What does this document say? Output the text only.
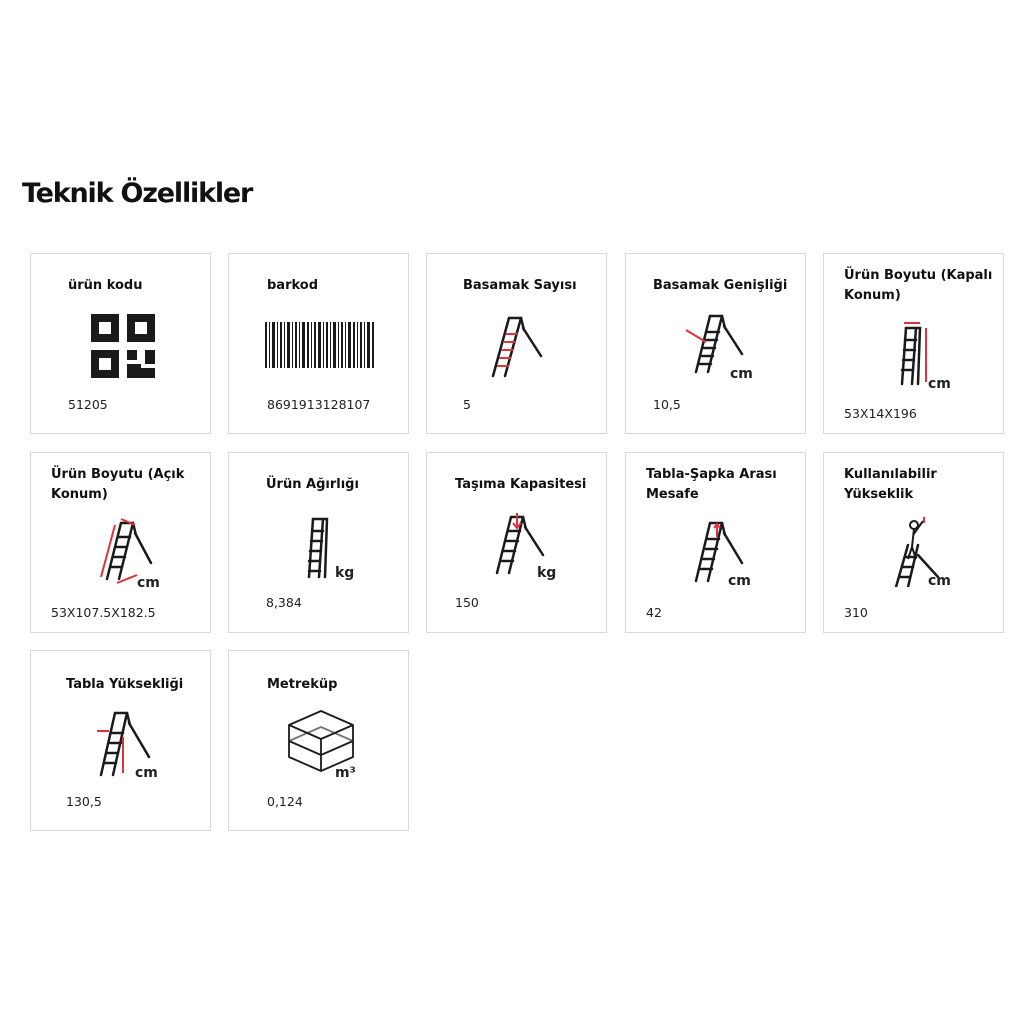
Teknik Özellikler
ürün kodu
51205
barkod
8691913128107
Basamak Sayısı
5
Basamak Genişliği
cm
10,5
Ürün Boyutu (Kapalı
Konum)
cm
53X14X196
Ürün Boyutu (Açık
Konum)
cm
53X107.5X182.5
Ürün Ağırlığı
kg
8,384
Taşıma Kapasitesi
kg
150
Tabla-Şapka Arası
Mesafe
cm
42
Kullanılabilir
Yükseklik
cm
310
Tabla Yüksekliği
cm
130,5
Metreküp
m³
0,124
